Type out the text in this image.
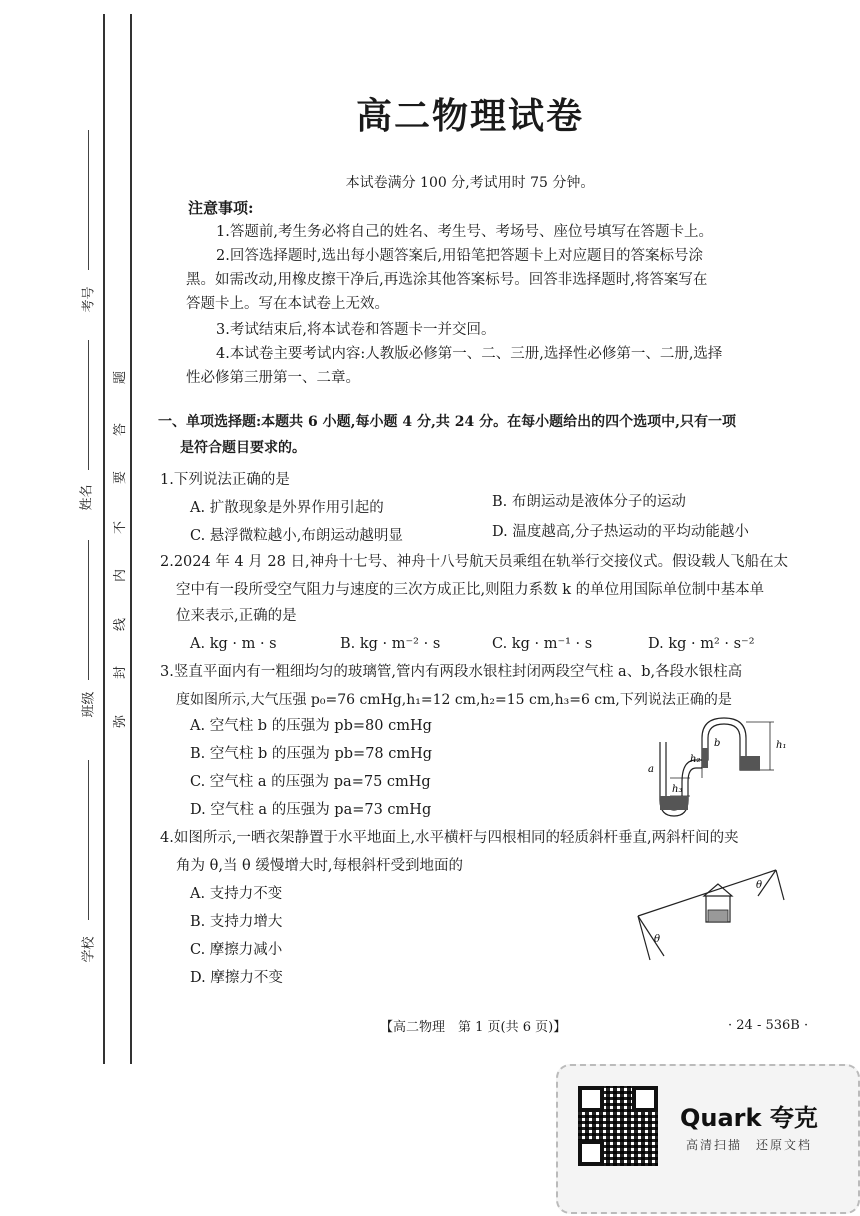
考号
姓名
班级
学校
题
答
要
不
内
线
封
弥
高二物理试卷
本试卷满分 100 分,考试用时 75 分钟。
注意事项:
1.答题前,考生务必将自己的姓名、考生号、考场号、座位号填写在答题卡上。
2.回答选择题时,选出每小题答案后,用铅笔把答题卡上对应题目的答案标号涂
黑。如需改动,用橡皮擦干净后,再选涂其他答案标号。回答非选择题时,将答案写在
答题卡上。写在本试卷上无效。
3.考试结束后,将本试卷和答题卡一并交回。
4.本试卷主要考试内容:人教版必修第一、二、三册,选择性必修第一、二册,选择
性必修第三册第一、二章。
一、单项选择题:本题共 6 小题,每小题 4 分,共 24 分。在每小题给出的四个选项中,只有一项
是符合题目要求的。
1.下列说法正确的是
A. 扩散现象是外界作用引起的	B. 布朗运动是液体分子的运动
C. 悬浮微粒越小,布朗运动越明显	D. 温度越高,分子热运动的平均动能越小
2.2024 年 4 月 28 日,神舟十七号、神舟十八号航天员乘组在轨举行交接仪式。假设载人飞船在太
空中有一段所受空气阻力与速度的三次方成正比,则阻力系数 k 的单位用国际单位制中基本单
位来表示,正确的是
A. kg · m · s	B. kg · m⁻² · s	C. kg · m⁻¹ · s	D. kg · m² · s⁻²
3.竖直平面内有一粗细均匀的玻璃管,管内有两段水银柱封闭两段空气柱 a、b,各段水银柱高
度如图所示,大气压强 p₀=76 cmHg,h₁=12 cm,h₂=15 cm,h₃=6 cm,下列说法正确的是
A. 空气柱 b 的压强为 pb=80 cmHg
B. 空气柱 b 的压强为 pb=78 cmHg
C. 空气柱 a 的压强为 pa=75 cmHg
D. 空气柱 a 的压强为 pa=73 cmHg
a
b	h₁
h₂
h₃
4.如图所示,一晒衣架静置于水平地面上,水平横杆与四根相同的轻质斜杆垂直,两斜杆间的夹
角为 θ,当 θ 缓慢增大时,每根斜杆受到地面的
A. 支持力不变
B. 支持力增大
C. 摩擦力减小
D. 摩擦力不变
θ
θ
【高二物理　第 1 页(共 6 页)】	· 24 - 536B ·
Quark 夸克
高清扫描　还原文档
